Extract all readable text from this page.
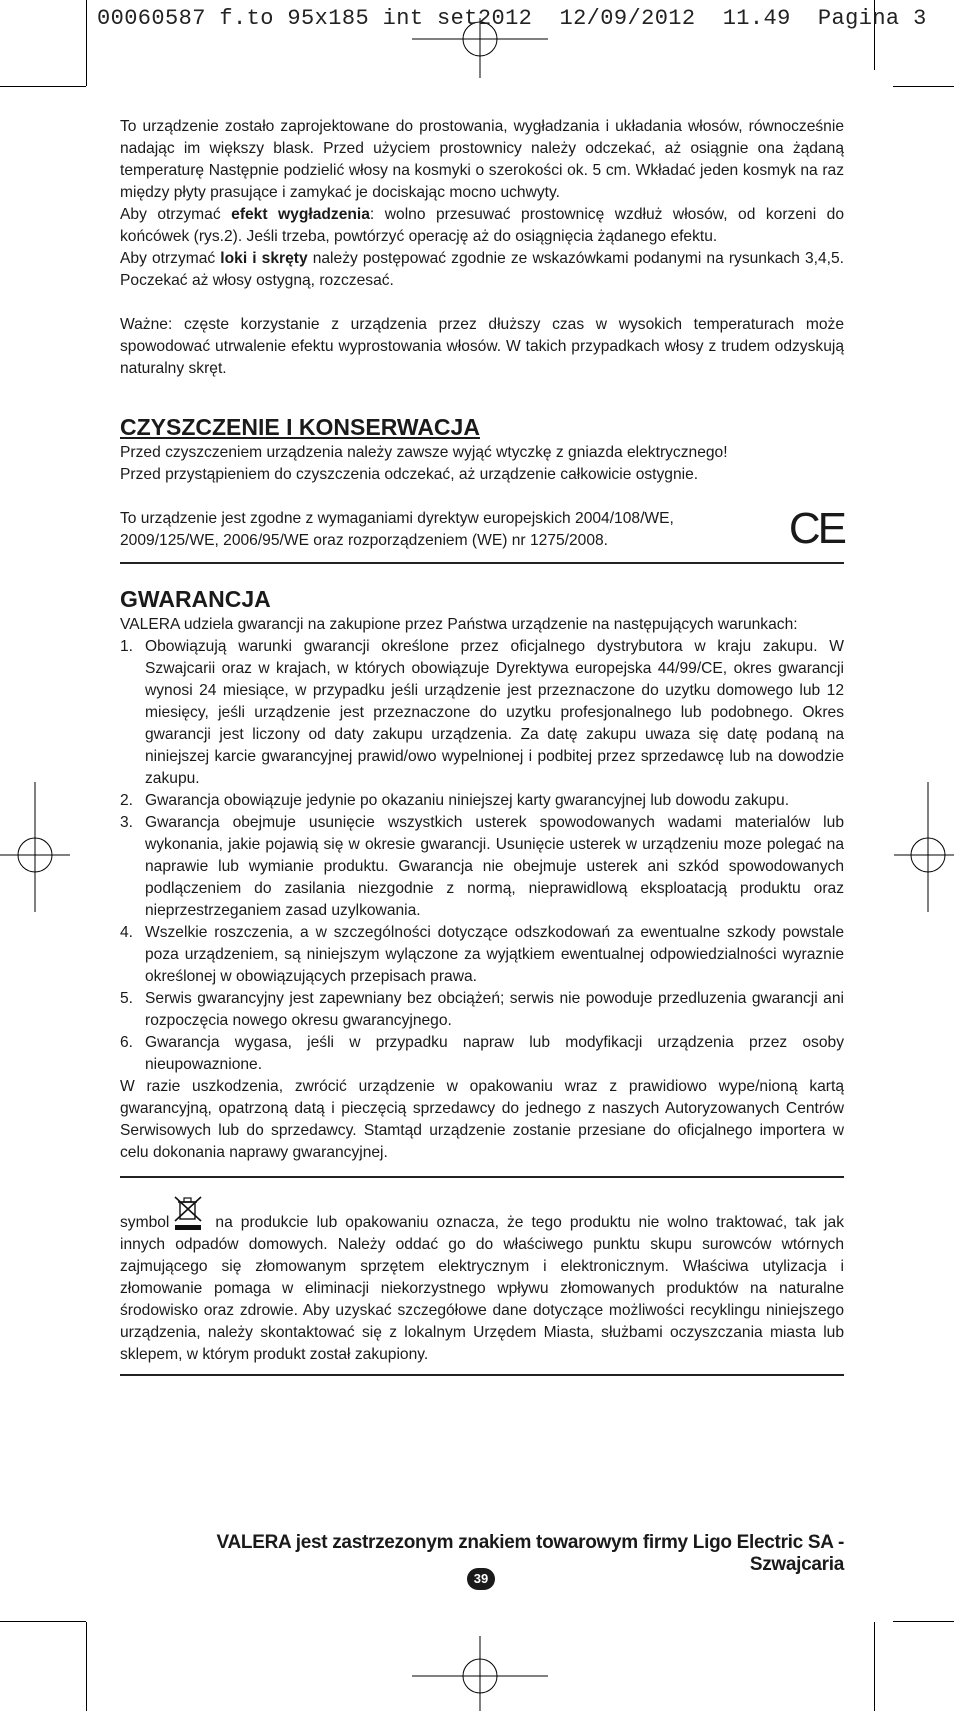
00060587 f.to 95x185 int set2012  12/09/2012  11.49  Pagina 3

To urządzenie zostało zaprojektowane do prostowania, wygładzania i układania włosów, równocześnie nadając im większy blask. Przed użyciem prostownicy należy odczekać, aż osiągnie ona żądaną temperaturę Następnie podzielić włosy na kosmyki o szerokości ok. 5 cm. Wkładać jeden kosmyk na raz między płyty prasujące i zamykać je dociskając mocno uchwyty.

Aby otrzymać efekt wygładzenia: wolno przesuwać prostownicę wzdłuż włosów, od korzeni do końcówek (rys.2). Jeśli trzeba, powtórzyć operację aż do osiągnięcia żądanego efektu.

Aby otrzymać loki i skręty należy postępować zgodnie ze wskazówkami podanymi na rysunkach 3,4,5. Poczekać aż włosy ostygną, rozczesać.

Ważne: częste korzystanie z urządzenia przez dłuższy czas w wysokich temperaturach może spowodować utrwalenie efektu wyprostowania włosów. W takich przypadkach włosy z trudem odzyskują naturalny skręt.

CZYSZCZENIE I KONSERWACJA

Przed czyszczeniem urządzenia należy zawsze wyjąć wtyczkę z gniazda elektrycznego!

Przed przystąpieniem do czyszczenia odczekać, aż urządzenie całkowicie ostygnie.

To urządzenie jest zgodne z wymaganiami dyrektyw europejskich 2004/108/WE, 2009/125/WE, 2006/95/WE oraz rozporządzeniem (WE) nr 1275/2008.	CE
GWARANCJA

VALERA udziela gwarancji na zakupione przez Państwa urządzenie na następujących warunkach:

1. Obowiązują warunki gwarancji określone przez oficjalnego dystrybutora w kraju zakupu. W Szwajcarii oraz w krajach, w których obowiązuje Dyrektywa europejska 44/99/CE, okres gwarancji wynosi 24 miesiące, w przypadku jeśli urządzenie jest przeznaczone do uzytku domowego lub 12 miesięcy, jeśli urządzenie jest przeznaczone do uzytku profesjonalnego lub podobnego. Okres gwarancji jest liczony od daty zakupu urządzenia. Za datę zakupu uwaza się datę podaną na niniejszej karcie gwarancyjnej prawid/owo wypelnionej i podbitej przez sprzedawcę lub na dowodzie zakupu.
2. Gwarancja obowiązuje jedynie po okazaniu niniejszej karty gwarancyjnej lub dowodu zakupu.
3. Gwarancja obejmuje usunięcie wszystkich usterek spowodowanych wadami materialów lub wykonania, jakie pojawią się w okresie gwarancji. Usunięcie usterek w urządzeniu moze polegać na naprawie lub wymianie produktu. Gwarancja nie obejmuje usterek ani szkód spowodowanych podlączeniem do zasilania niezgodnie z normą, nieprawidlową eksploatacją produktu oraz nieprzestrzeganiem zasad uzylkowania.
4. Wszelkie roszczenia, a w szczególności dotyczące odszkodowań za ewentualne szkody powstale poza urządzeniem, są niniejszym wylączone za wyjątkiem ewentualnej odpowiedzialności wyraznie określonej w obowiązujących przepisach prawa.
5. Serwis gwarancyjny jest zapewniany bez obciążeń; serwis nie powoduje przedluzenia gwarancji ani rozpoczęcia nowego okresu gwarancyjnego.
6. Gwarancja wygasa, jeśli w przypadku napraw lub modyfikacji urządzenia przez osoby nieupowaznione.

W razie uszkodzenia, zwrócić urządzenie w opakowaniu wraz z prawidiowo wype/nioną kartą gwarancyjną, opatrzoną datą i pieczęcią sprzedawcy do jednego z naszych Autoryzowanych Centrów Serwisowych lub do sprzedawcy. Stamtąd urządzenie zostanie przesiane do oficjalnego importera w celu dokonania naprawy gwarancyjnej.

symbol na produkcie lub opakowaniu oznacza, że tego produktu nie wolno traktować, tak jak innych odpadów domowych. Należy oddać go do właściwego punktu skupu surowców wtórnych zajmującego się złomowanym sprzętem elektrycznym i elektronicznym. Właściwa utylizacja i złomowanie pomaga w eliminacji niekorzystnego wpływu złomowanych produktów na naturalne środowisko oraz zdrowie. Aby uzyskać szczegółowe dane dotyczące możliwości recyklingu niniejszego urządzenia, należy skontaktować się z lokalnym Urzędem Miasta, służbami oczyszczania miasta lub sklepem, w którym produkt został zakupiony.

VALERA jest zastrzezonym znakiem towarowym firmy Ligo Electric SA - Szwajcaria
39
